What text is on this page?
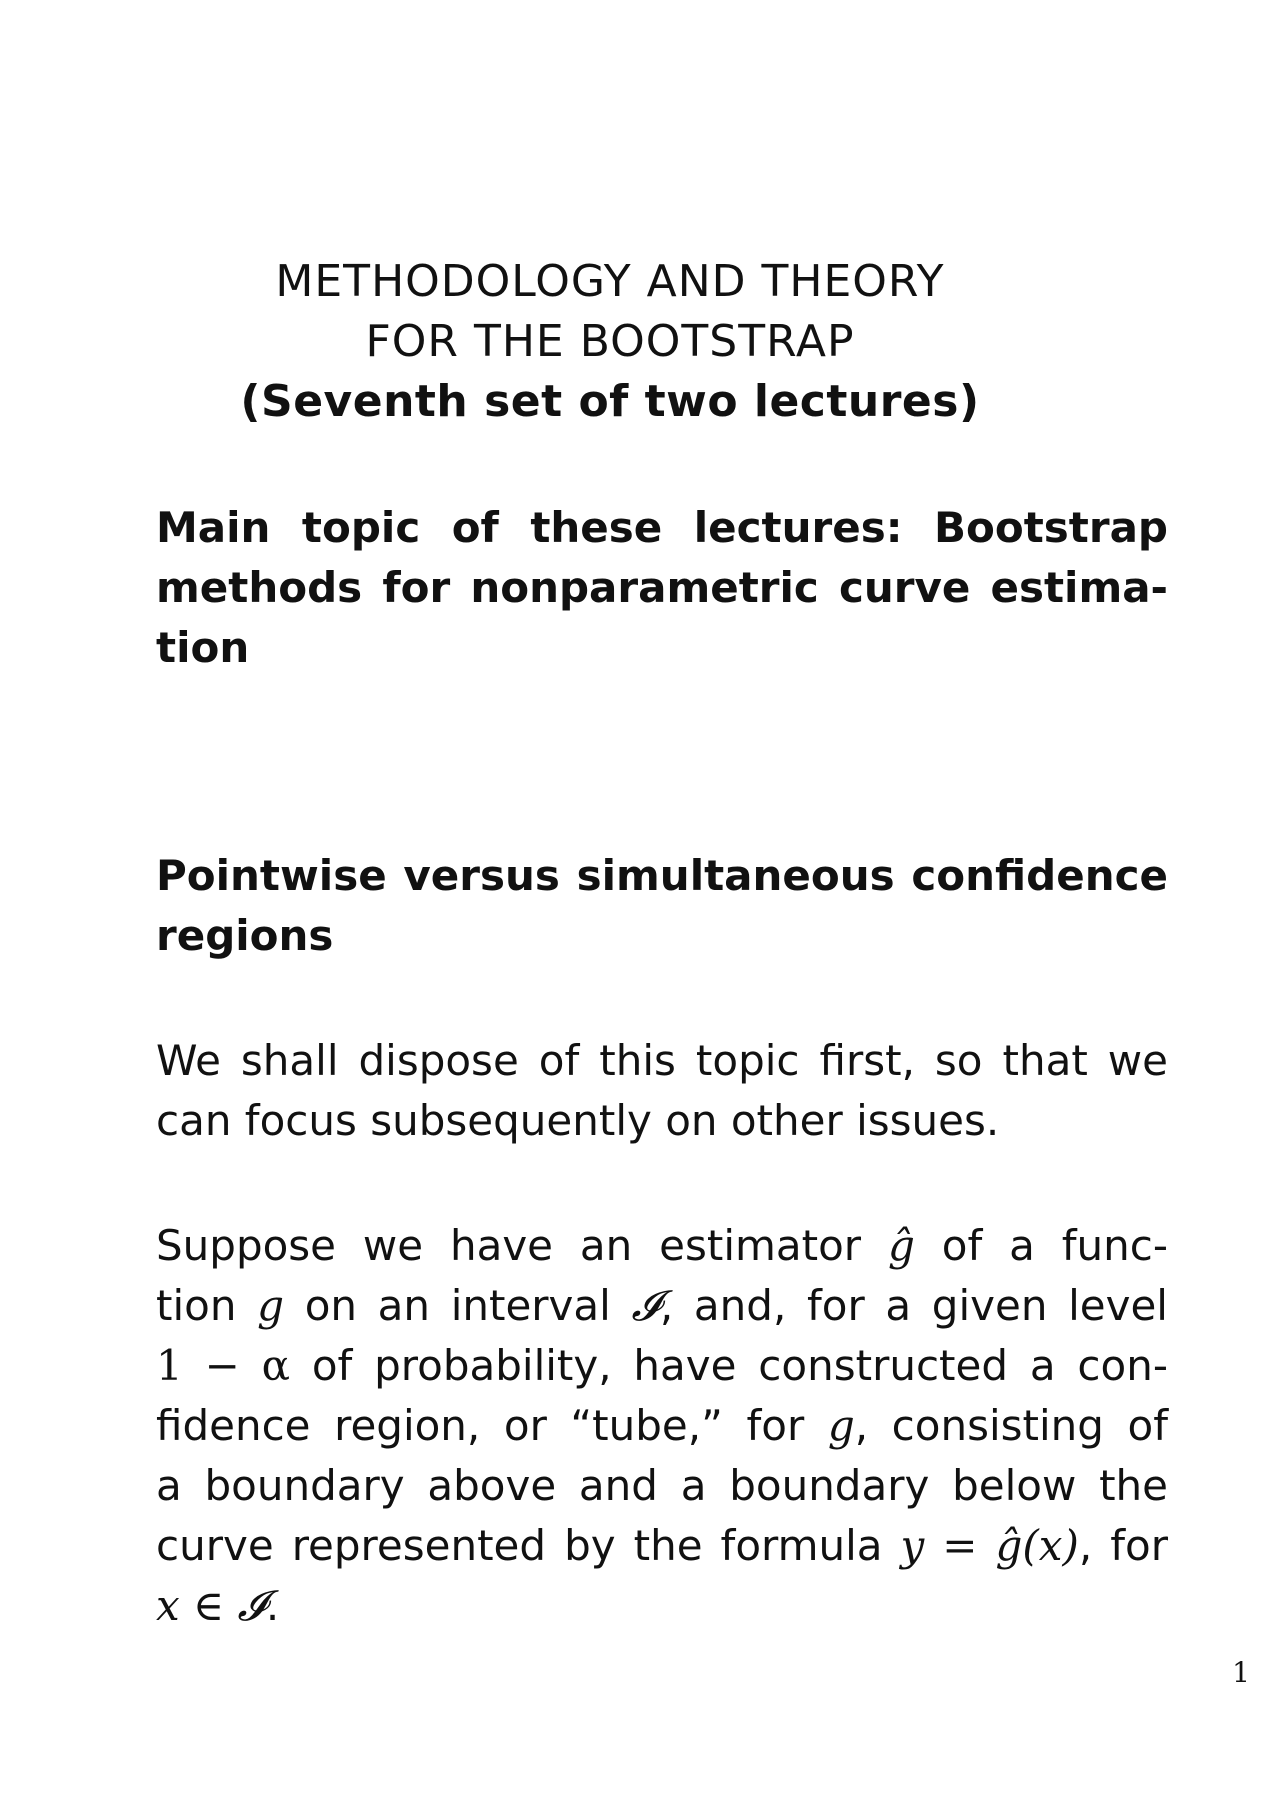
METHODOLOGY AND THEORY
FOR THE BOOTSTRAP
(Seventh set of two lectures)
Main topic of these lectures: Bootstrap
methods for nonparametric curve estima-
tion
Pointwise versus simultaneous confidence
regions
We shall dispose of this topic first, so that we
can focus subsequently on other issues.
Suppose we have an estimator ĝ of a func-
tion g on an interval 𝓘, and, for a given level
1 − α of probability, have constructed a con-
fidence region, or “tube,” for g, consisting of
a boundary above and a boundary below the
curve represented by the formula y = ĝ(x), for
x ∈ 𝓘.
1
